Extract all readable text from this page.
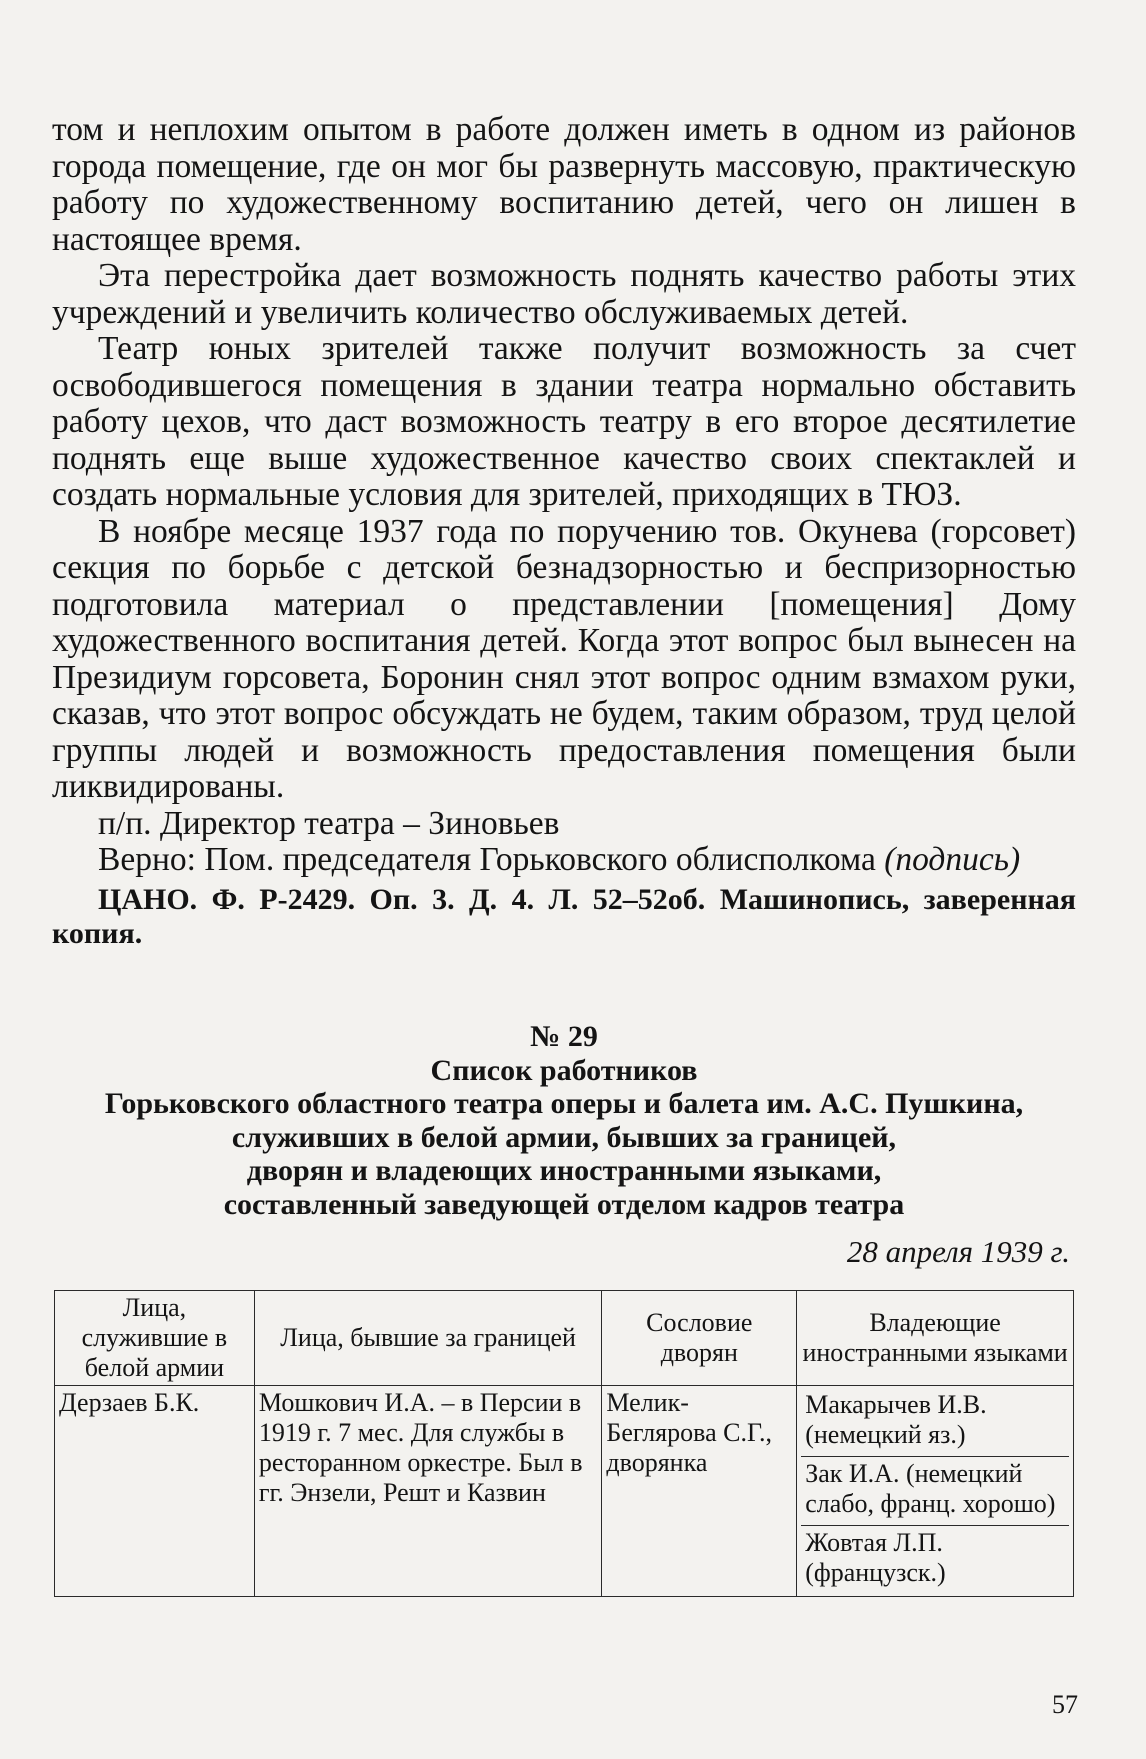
том и неплохим опытом в работе должен иметь в одном из районов города помещение, где он мог бы развернуть массовую, практическую работу по художественному воспитанию детей, чего он лишен в настоящее время.

Эта перестройка дает возможность поднять качество работы этих учреждений и увеличить количество обслуживаемых детей.

Театр юных зрителей также получит возможность за счет освободившегося помещения в здании театра нормально обставить работу цехов, что даст возможность театру в его второе десятилетие поднять еще выше художественное качество своих спектаклей и создать нормальные условия для зрителей, приходящих в ТЮЗ.

В ноябре месяце 1937 года по поручению тов. Окунева (горсовет) секция по борьбе с детской безнадзорностью и беспризорностью подготовила материал о представлении [помещения] Дому художественного воспитания детей. Когда этот вопрос был вынесен на Президиум горсовета, Боронин снял этот вопрос одним взмахом руки, сказав, что этот вопрос обсуждать не будем, таким образом, труд целой группы людей и возможность предоставления помещения были ликвидированы.

п/п. Директор театра – Зиновьев

Верно: Пом. председателя Горьковского облисполкома (подпись)

ЦАНО. Ф. Р-2429. Оп. 3. Д. 4. Л. 52–52об. Машинопись, заверенная копия.

№ 29
Список работников
Горьковского областного театра оперы и балета им. А.С. Пушкина,
служивших в белой армии, бывших за границей,
дворян и владеющих иностранными языками,
составленный заведующей отделом кадров театра
28 апреля 1939 г.
Лица, служившие в белой армии	Лица, бывшие за границей	Сословие дворян	Владеющие иностранными языками
Дерзаев Б.К.	Мошкович И.А. – в Персии в 1919 г. 7 мес. Для службы в ресторанном оркестре. Был в гг. Энзели, Решт и Казвин	Мелик-Беглярова С.Г., дворянка	Макарычев И.В. (немецкий яз.)
Зак И.А. (немецкий слабо, франц. хорошо)
Жовтая Л.П. (французск.)
57
